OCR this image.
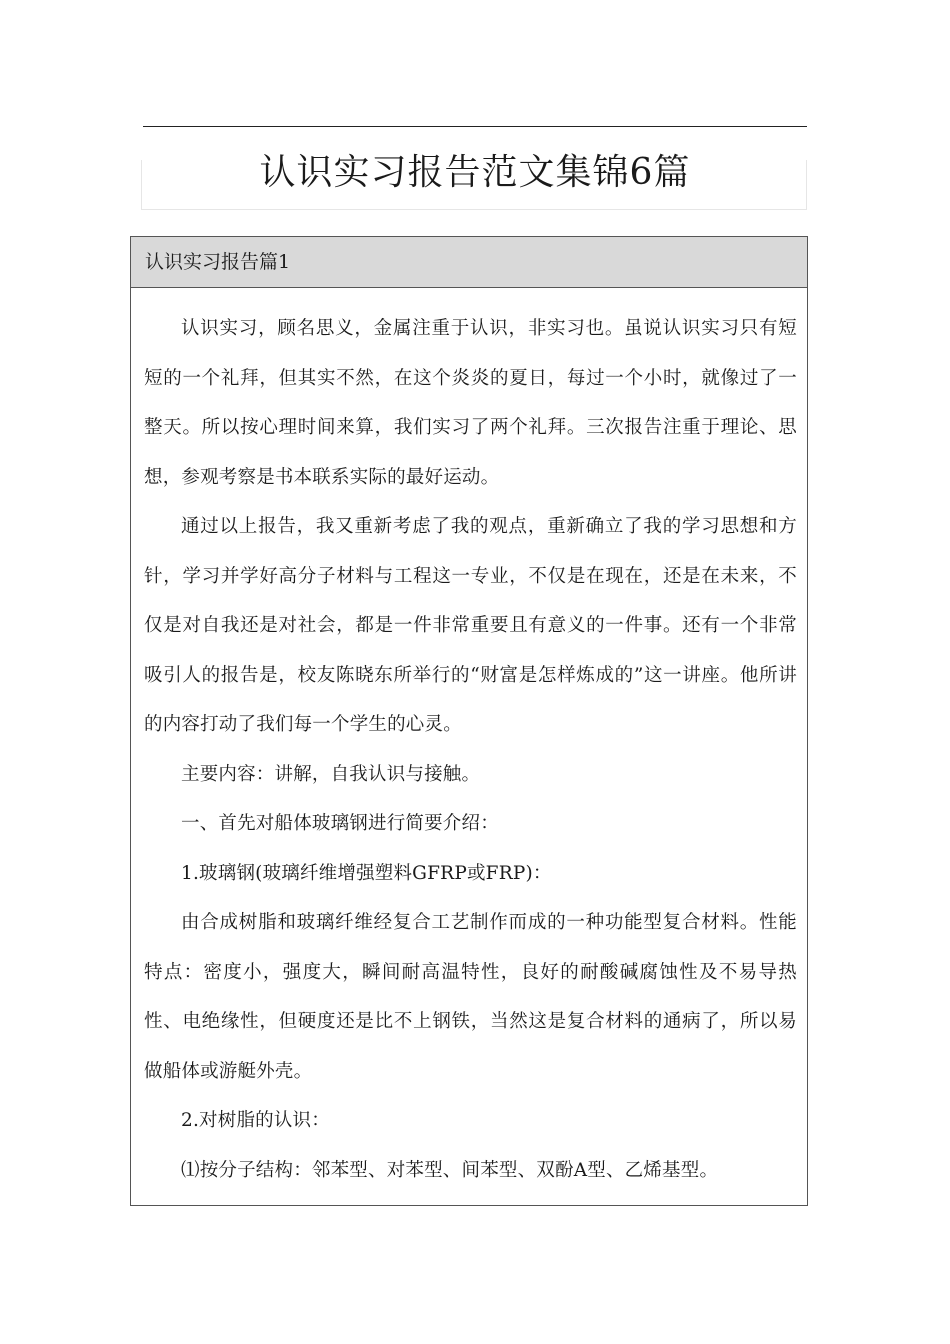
认识实习报告范文集锦6篇
认识实习报告篇1

认识实习，顾名思义，金属注重于认识，非实习也。虽说认识实习只有短短的一个礼拜，但其实不然，在这个炎炎的夏日，每过一个小时，就像过了一整天。所以按心理时间来算，我们实习了两个礼拜。三次报告注重于理论、思想，参观考察是书本联系实际的最好运动。

通过以上报告，我又重新考虑了我的观点，重新确立了我的学习思想和方针，学习并学好高分子材料与工程这一专业，不仅是在现在，还是在未来，不仅是对自我还是对社会，都是一件非常重要且有意义的一件事。还有一个非常吸引人的报告是，校友陈晓东所举行的“财富是怎样炼成的”这一讲座。他所讲的内容打动了我们每一个学生的心灵。

主要内容：讲解，自我认识与接触。

一、首先对船体玻璃钢进行简要介绍：

1.玻璃钢(玻璃纤维增强塑料GFRP或FRP)：

由合成树脂和玻璃纤维经复合工艺制作而成的一种功能型复合材料。性能特点：密度小，强度大，瞬间耐高温特性，良好的耐酸碱腐蚀性及不易导热性、电绝缘性，但硬度还是比不上钢铁，当然这是复合材料的通病了，所以易做船体或游艇外壳。

2.对树脂的认识：

⑴按分子结构：邻苯型、对苯型、间苯型、双酚A型、乙烯基型。
